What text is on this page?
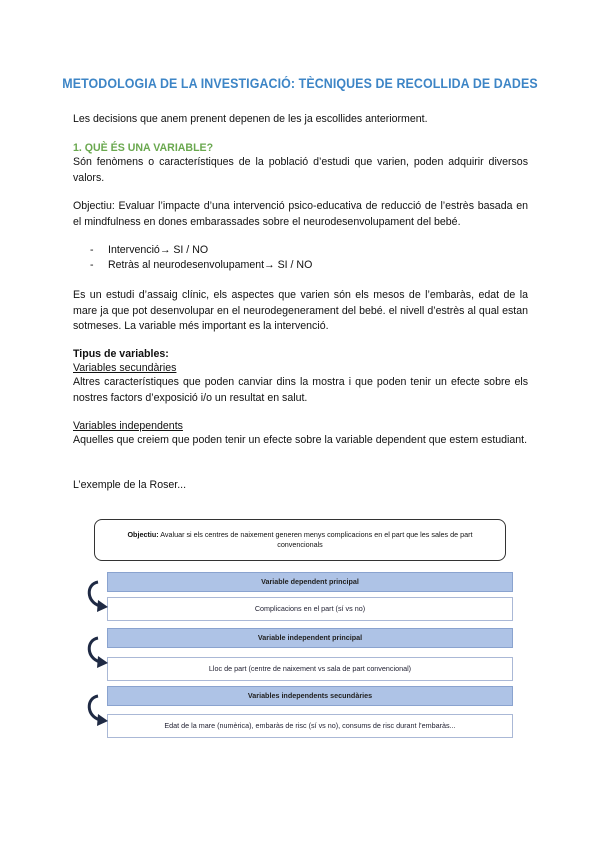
METODOLOGIA DE LA INVESTIGACIÓ: TÈCNIQUES DE RECOLLIDA DE DADES
Les decisions que anem prenent depenen de les ja escollides anteriorment.
1. QUÈ ÉS UNA VARIABLE?
Són fenòmens o característiques de la població d’estudi que varien, poden adquirir diversos valors.
Objectiu: Evaluar l’impacte d’una intervenció psico-educativa de reducció de l’estrès basada en el mindfulness en dones embarassades sobre el neurodesenvolupament del bebé.
- Intervenció→ SI / NO
- Retràs al neurodesenvolupament→ SI / NO
Es un estudi d’assaig clínic, els aspectes que varien són els mesos de l’embaràs, edat de la mare ja que pot desenvolupar en el neurodegenerament del bebé. el nivell d’estrès al qual estan sotmeses. La variable més important es la intervenció.
Tipus de variables:
Variables secundàries
Altres característiques que poden canviar dins la mostra i que poden tenir un efecte sobre els nostres factors d’exposició i/o un resultat en salut.
Variables independents
Aquelles que creiem que poden tenir un efecte sobre la variable dependent que estem estudiant.
L’exemple de la Roser...
Objectiu: Avaluar si els centres de naixement generen menys complicacions en el part que les sales de part convencionals
Variable dependent principal
Complicacions en el part (sí vs no)
Variable independent principal
Lloc de part (centre de naixement vs sala de part convencional)
Variables independents secundàries
Edat de la mare (numèrica), embaràs de risc (sí vs no), consums de risc durant l’embaràs...
